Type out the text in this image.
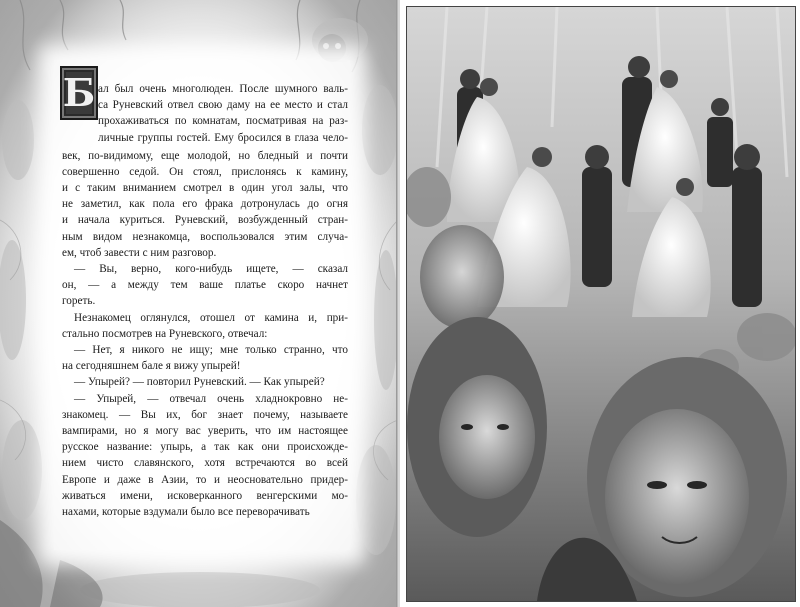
Б ал был очень многолюден. После шумного валь-
са Руневский отвел свою даму на ее место и стал
прохаживаться по комнатам, посматривая на раз-
личные группы гостей. Ему бросился в глаза чело-
век, по-видимому, еще молодой, но бледный и почти
совершенно седой. Он стоял, прислонясь к камину,
и с таким вниманием смотрел в один угол залы, что
не заметил, как пола его фрака дотронулась до огня
и начала куриться. Руневский, возбужденный стран-
ным видом незнакомца, воспользовался этим случа-
ем, чтоб завести с ним разговор.
— Вы, верно, кого-нибудь ищете, — сказал
он, — а между тем ваше платье скоро начнет
гореть.
Незнакомец оглянулся, отошел от камина и, при-
стально посмотрев на Руневского, отвечал:
— Нет, я никого не ищу; мне только странно, что
на сегодняшнем бале я вижу упырей!
— Упырей? — повторил Руневский. — Как упырей?
— Упырей, — отвечал очень хладнокровно не-
знакомец. — Вы их, бог знает почему, называете
вампирами, но я могу вас уверить, что им настоящее
русское название: упырь, а так как они происхожде-
нием чисто славянского, хотя встречаются во всей
Европе и даже в Азии, то и неосновательно придер-
живаться имени, исковерканного венгерскими мо-
нахами, которые вздумали было все переворачивать
